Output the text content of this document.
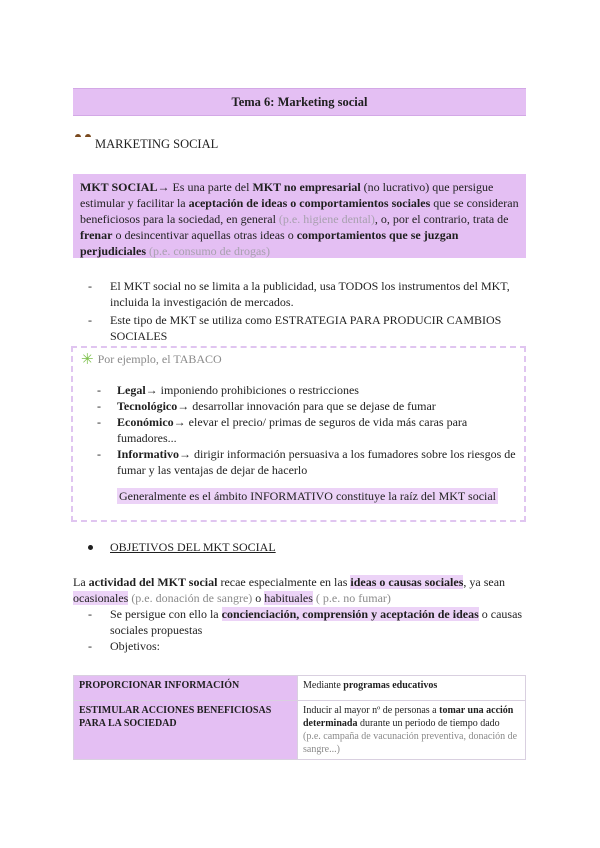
Tema 6: Marketing social
MARKETING SOCIAL
MKT SOCIAL→ Es una parte del MKT no empresarial (no lucrativo) que persigue estimular y facilitar la aceptación de ideas o comportamientos sociales que se consideran beneficiosos para la sociedad, en general (p.e. higiene dental), o, por el contrario, trata de frenar o desincentivar aquellas otras ideas o comportamientos que se juzgan perjudiciales (p.e. consumo de drogas)
- El MKT social no se limita a la publicidad, usa TODOS los instrumentos del MKT, incluida la investigación de mercados.
- Este tipo de MKT se utiliza como ESTRATEGIA PARA PRODUCIR CAMBIOS SOCIALES
✳ Por ejemplo, el TABACO
- Legal→ imponiendo prohibiciones o restricciones
- Tecnológico→ desarrollar innovación para que se dejase de fumar
- Económico→ elevar el precio/ primas de seguros de vida más caras para fumadores...
- Informativo→ dirigir información persuasiva a los fumadores sobre los riesgos de fumar y las ventajas de dejar de hacerlo
Generalmente es el ámbito INFORMATIVO constituye la raíz del MKT social
OBJETIVOS DEL MKT SOCIAL
La actividad del MKT social recae especialmente en las ideas o causas sociales, ya sean ocasionales (p.e. donación de sangre) o habituales ( p.e. no fumar)
- Se persigue con ello la concienciación, comprensión y aceptación de ideas o causas sociales propuestas
- Objetivos:
PROPORCIONAR INFORMACIÓN	Mediante programas educativos
ESTIMULAR ACCIONES BENEFICIOSAS PARA LA SOCIEDAD	Inducir al mayor nº de personas a tomar una acción determinada durante un periodo de tiempo dado
(p.e. campaña de vacunación preventiva, donación de sangre...)
